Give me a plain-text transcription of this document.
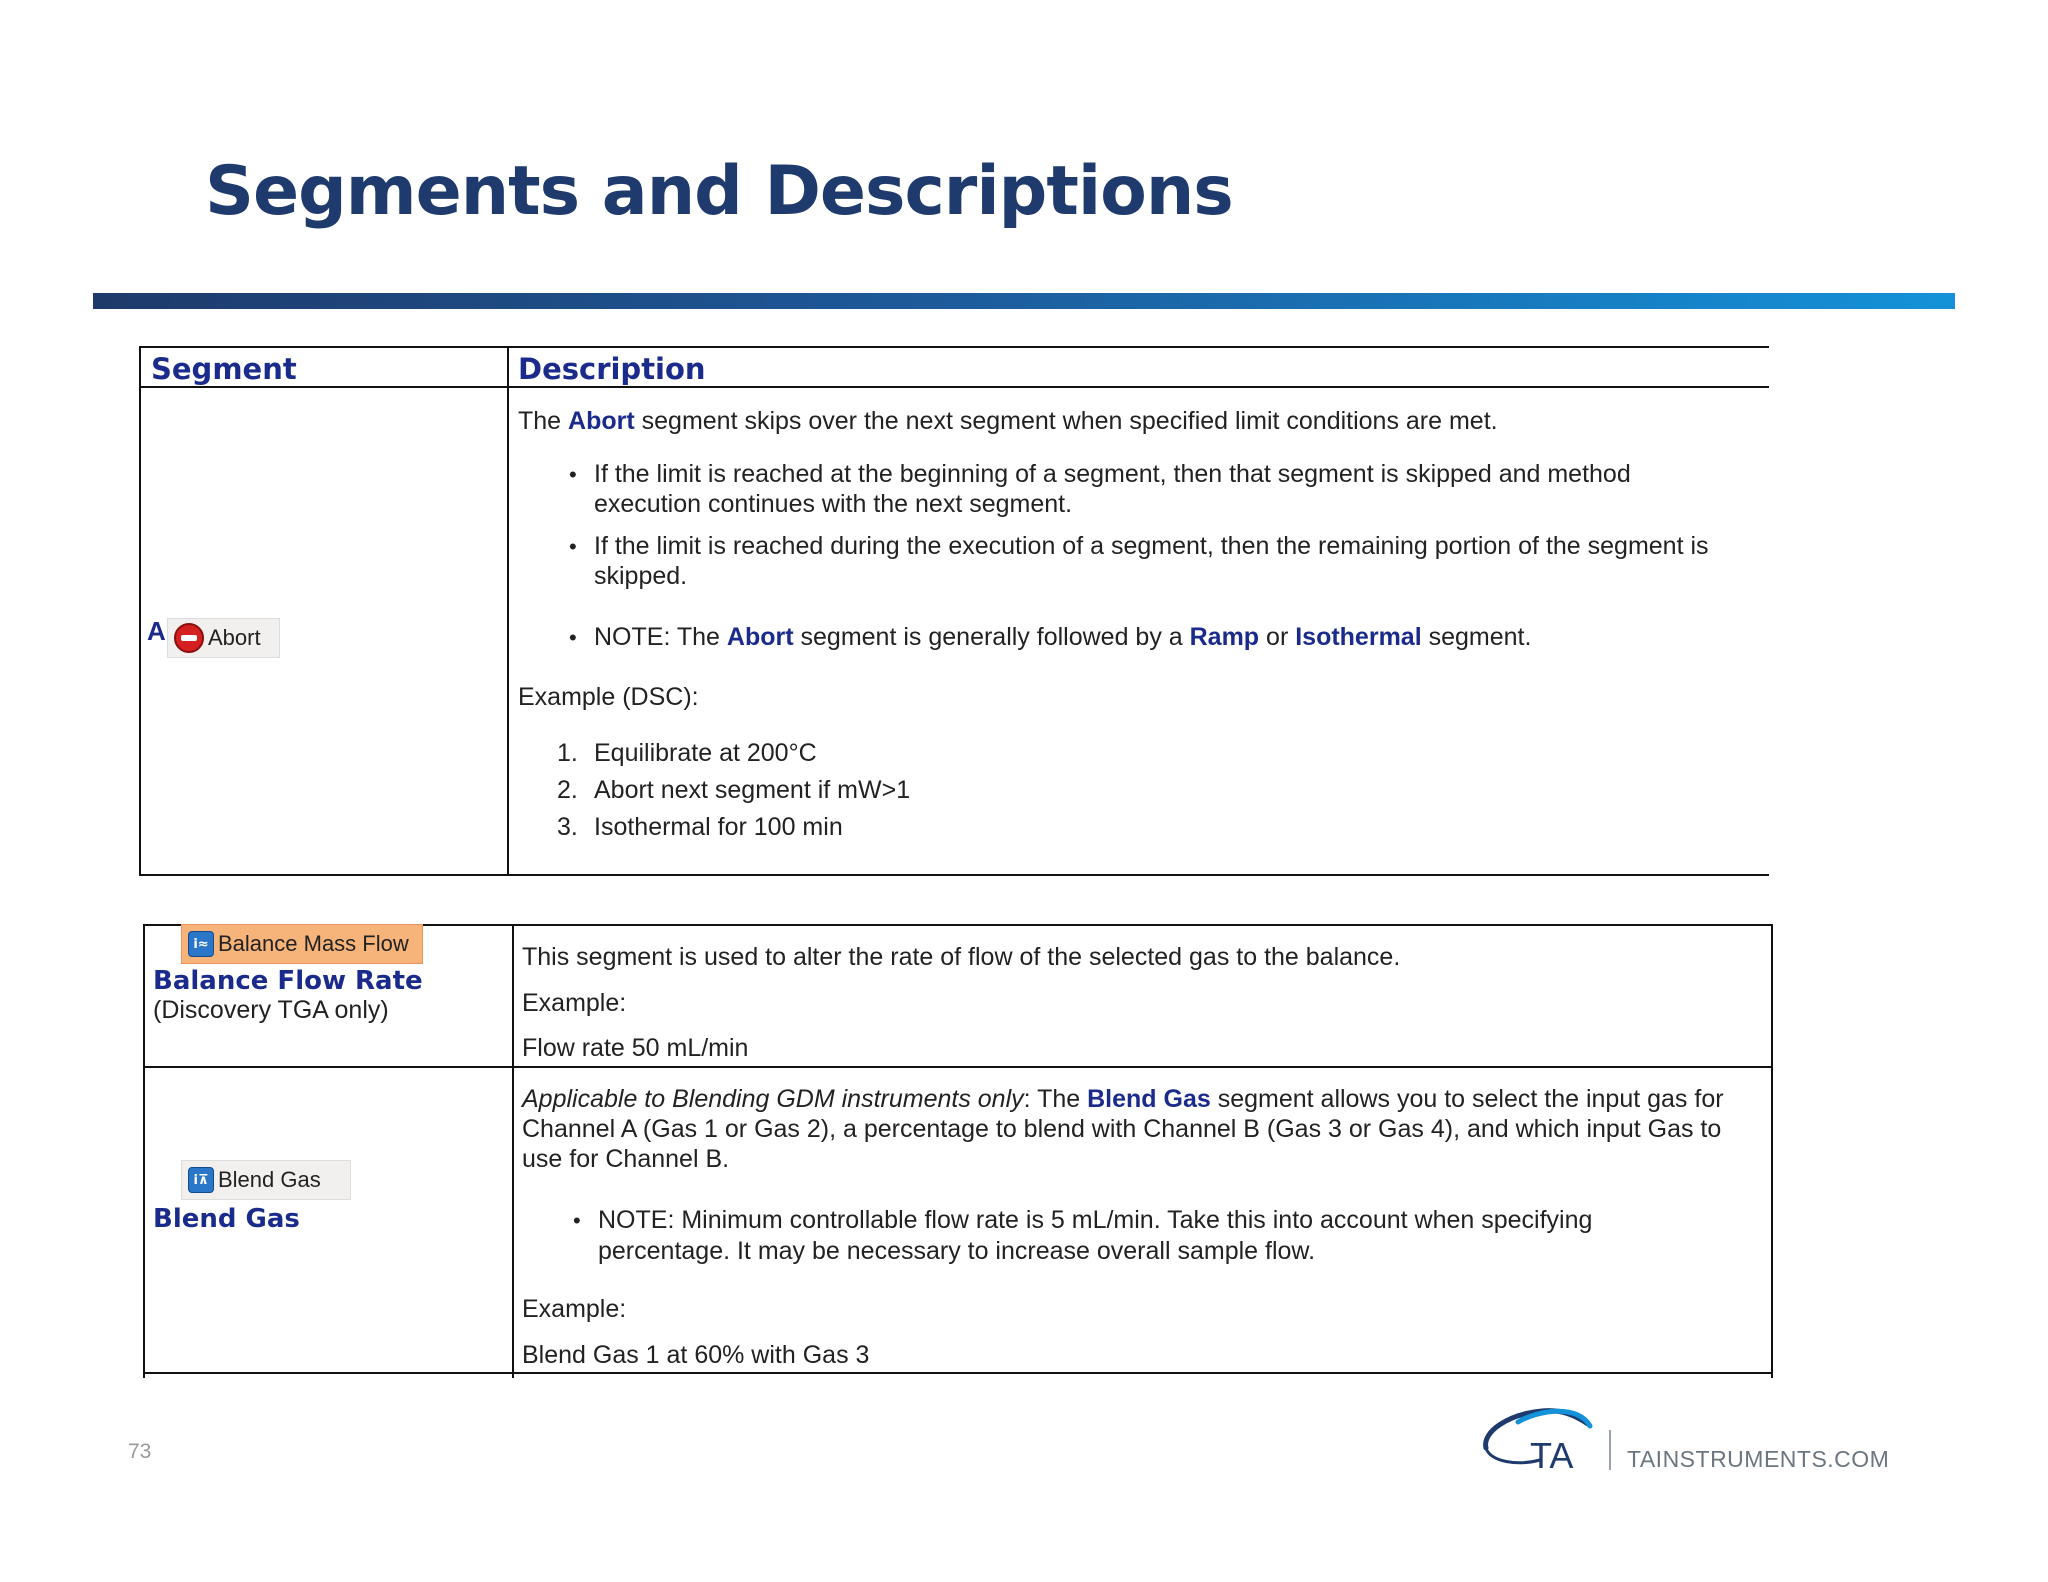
Segments and Descriptions
Segment	Description
A Abort
The Abort segment skips over the next segment when specified limit conditions are met.
• If the limit is reached at the beginning of a segment, then that segment is skipped and method
execution continues with the next segment.
• If the limit is reached during the execution of a segment, then the remaining portion of the segment is
skipped.
• NOTE: The Abort segment is generally followed by a Ramp or Isothermal segment.
Example (DSC):
1. Equilibrate at 200°C
2. Abort next segment if mW>1
3. Isothermal for 100 min
i≈ Balance Mass Flow
Balance Flow Rate
(Discovery TGA only)
This segment is used to alter the rate of flow of the selected gas to the balance.
Example:
Flow rate 50 mL/min
i⊼ Blend Gas
Blend Gas
Applicable to Blending GDM instruments only: The Blend Gas segment allows you to select the input gas for
Channel A (Gas 1 or Gas 2), a percentage to blend with Channel B (Gas 3 or Gas 4), and which input Gas to
use for Channel B.
• NOTE: Minimum controllable flow rate is 5 mL/min. Take this into account when specifying
percentage. It may be necessary to increase overall sample flow.
Example:
Blend Gas 1 at 60% with Gas 3
73	TA TAINSTRUMENTS.COM
